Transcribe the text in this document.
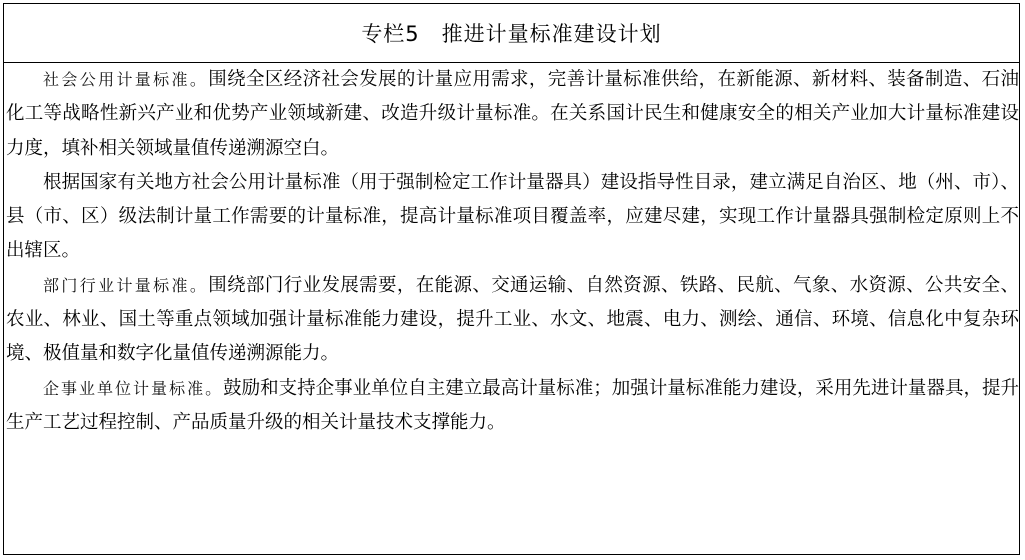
专栏5　推进计量标准建设计划

社会公用计量标准。围绕全区经济社会发展的计量应用需求，完善计量标准供给，在新能源、新材料、装备制造、石油化工等战略性新兴产业和优势产业领域新建、改造升级计量标准。在关系国计民生和健康安全的相关产业加大计量标准建设力度，填补相关领域量值传递溯源空白。

根据国家有关地方社会公用计量标准（用于强制检定工作计量器具）建设指导性目录，建立满足自治区、地（州、市）、县（市、区）级法制计量工作需要的计量标准，提高计量标准项目覆盖率，应建尽建，实现工作计量器具强制检定原则上不出辖区。

部门行业计量标准。围绕部门行业发展需要，在能源、交通运输、自然资源、铁路、民航、气象、水资源、公共安全、农业、林业、国土等重点领域加强计量标准能力建设，提升工业、水文、地震、电力、测绘、通信、环境、信息化中复杂环境、极值量和数字化量值传递溯源能力。

企事业单位计量标准。鼓励和支持企事业单位自主建立最高计量标准；加强计量标准能力建设，采用先进计量器具，提升生产工艺过程控制、产品质量升级的相关计量技术支撑能力。
